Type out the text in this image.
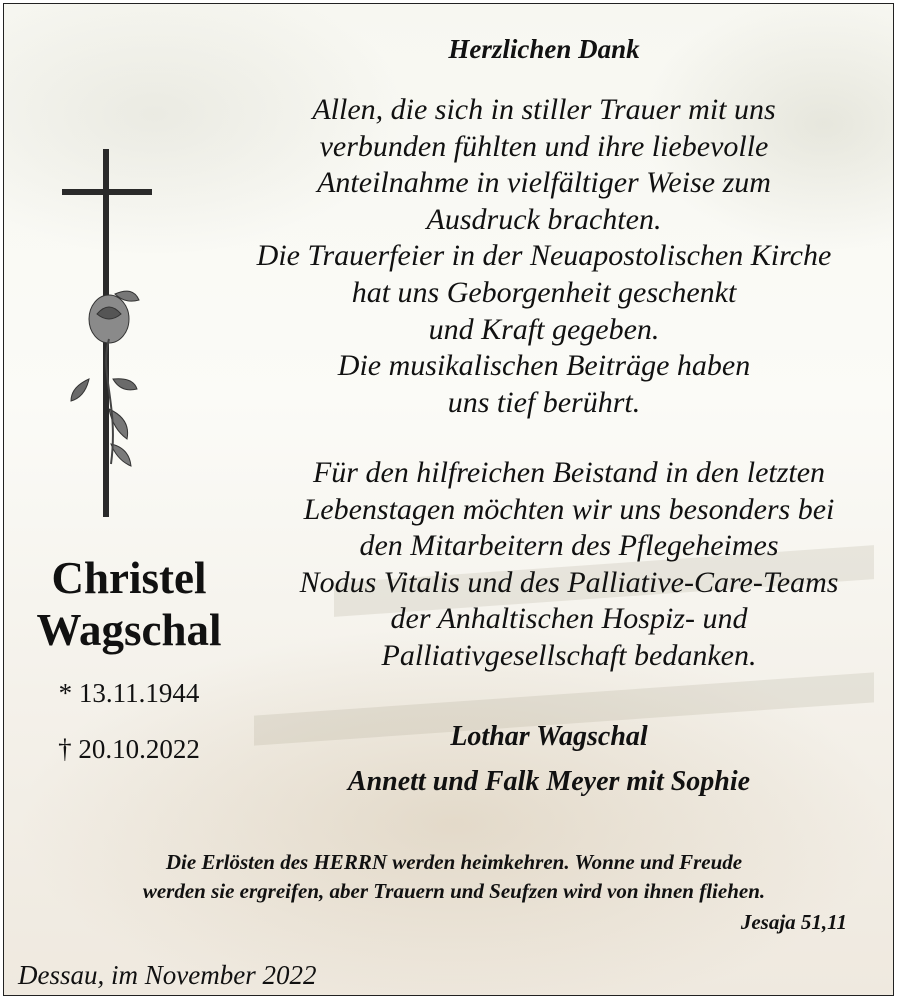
Herzlichen Dank
Allen, die sich in stiller Trauer mit uns
verbunden fühlten und ihre liebevolle
Anteilnahme in vielfältiger Weise zum
Ausdruck brachten.
Die Trauerfeier in der Neuapostolischen Kirche
hat uns Geborgenheit geschenkt
und Kraft gegeben.
Die musikalischen Beiträge haben
uns tief berührt.
Für den hilfreichen Beistand in den letzten
Lebenstagen möchten wir uns besonders bei
den Mitarbeitern des Pflegeheimes
Nodus Vitalis und des Palliative-Care-Teams
der Anhaltischen Hospiz- und
Palliativgesellschaft bedanken.
Lothar Wagschal
Annett und Falk Meyer mit Sophie
Christel
Wagschal
* 13.11.1944
† 20.10.2022
Die Erlösten des HERRN werden heimkehren. Wonne und Freude
werden sie ergreifen, aber Trauern und Seufzen wird von ihnen fliehen.
Jesaja 51,11
Dessau, im November 2022
